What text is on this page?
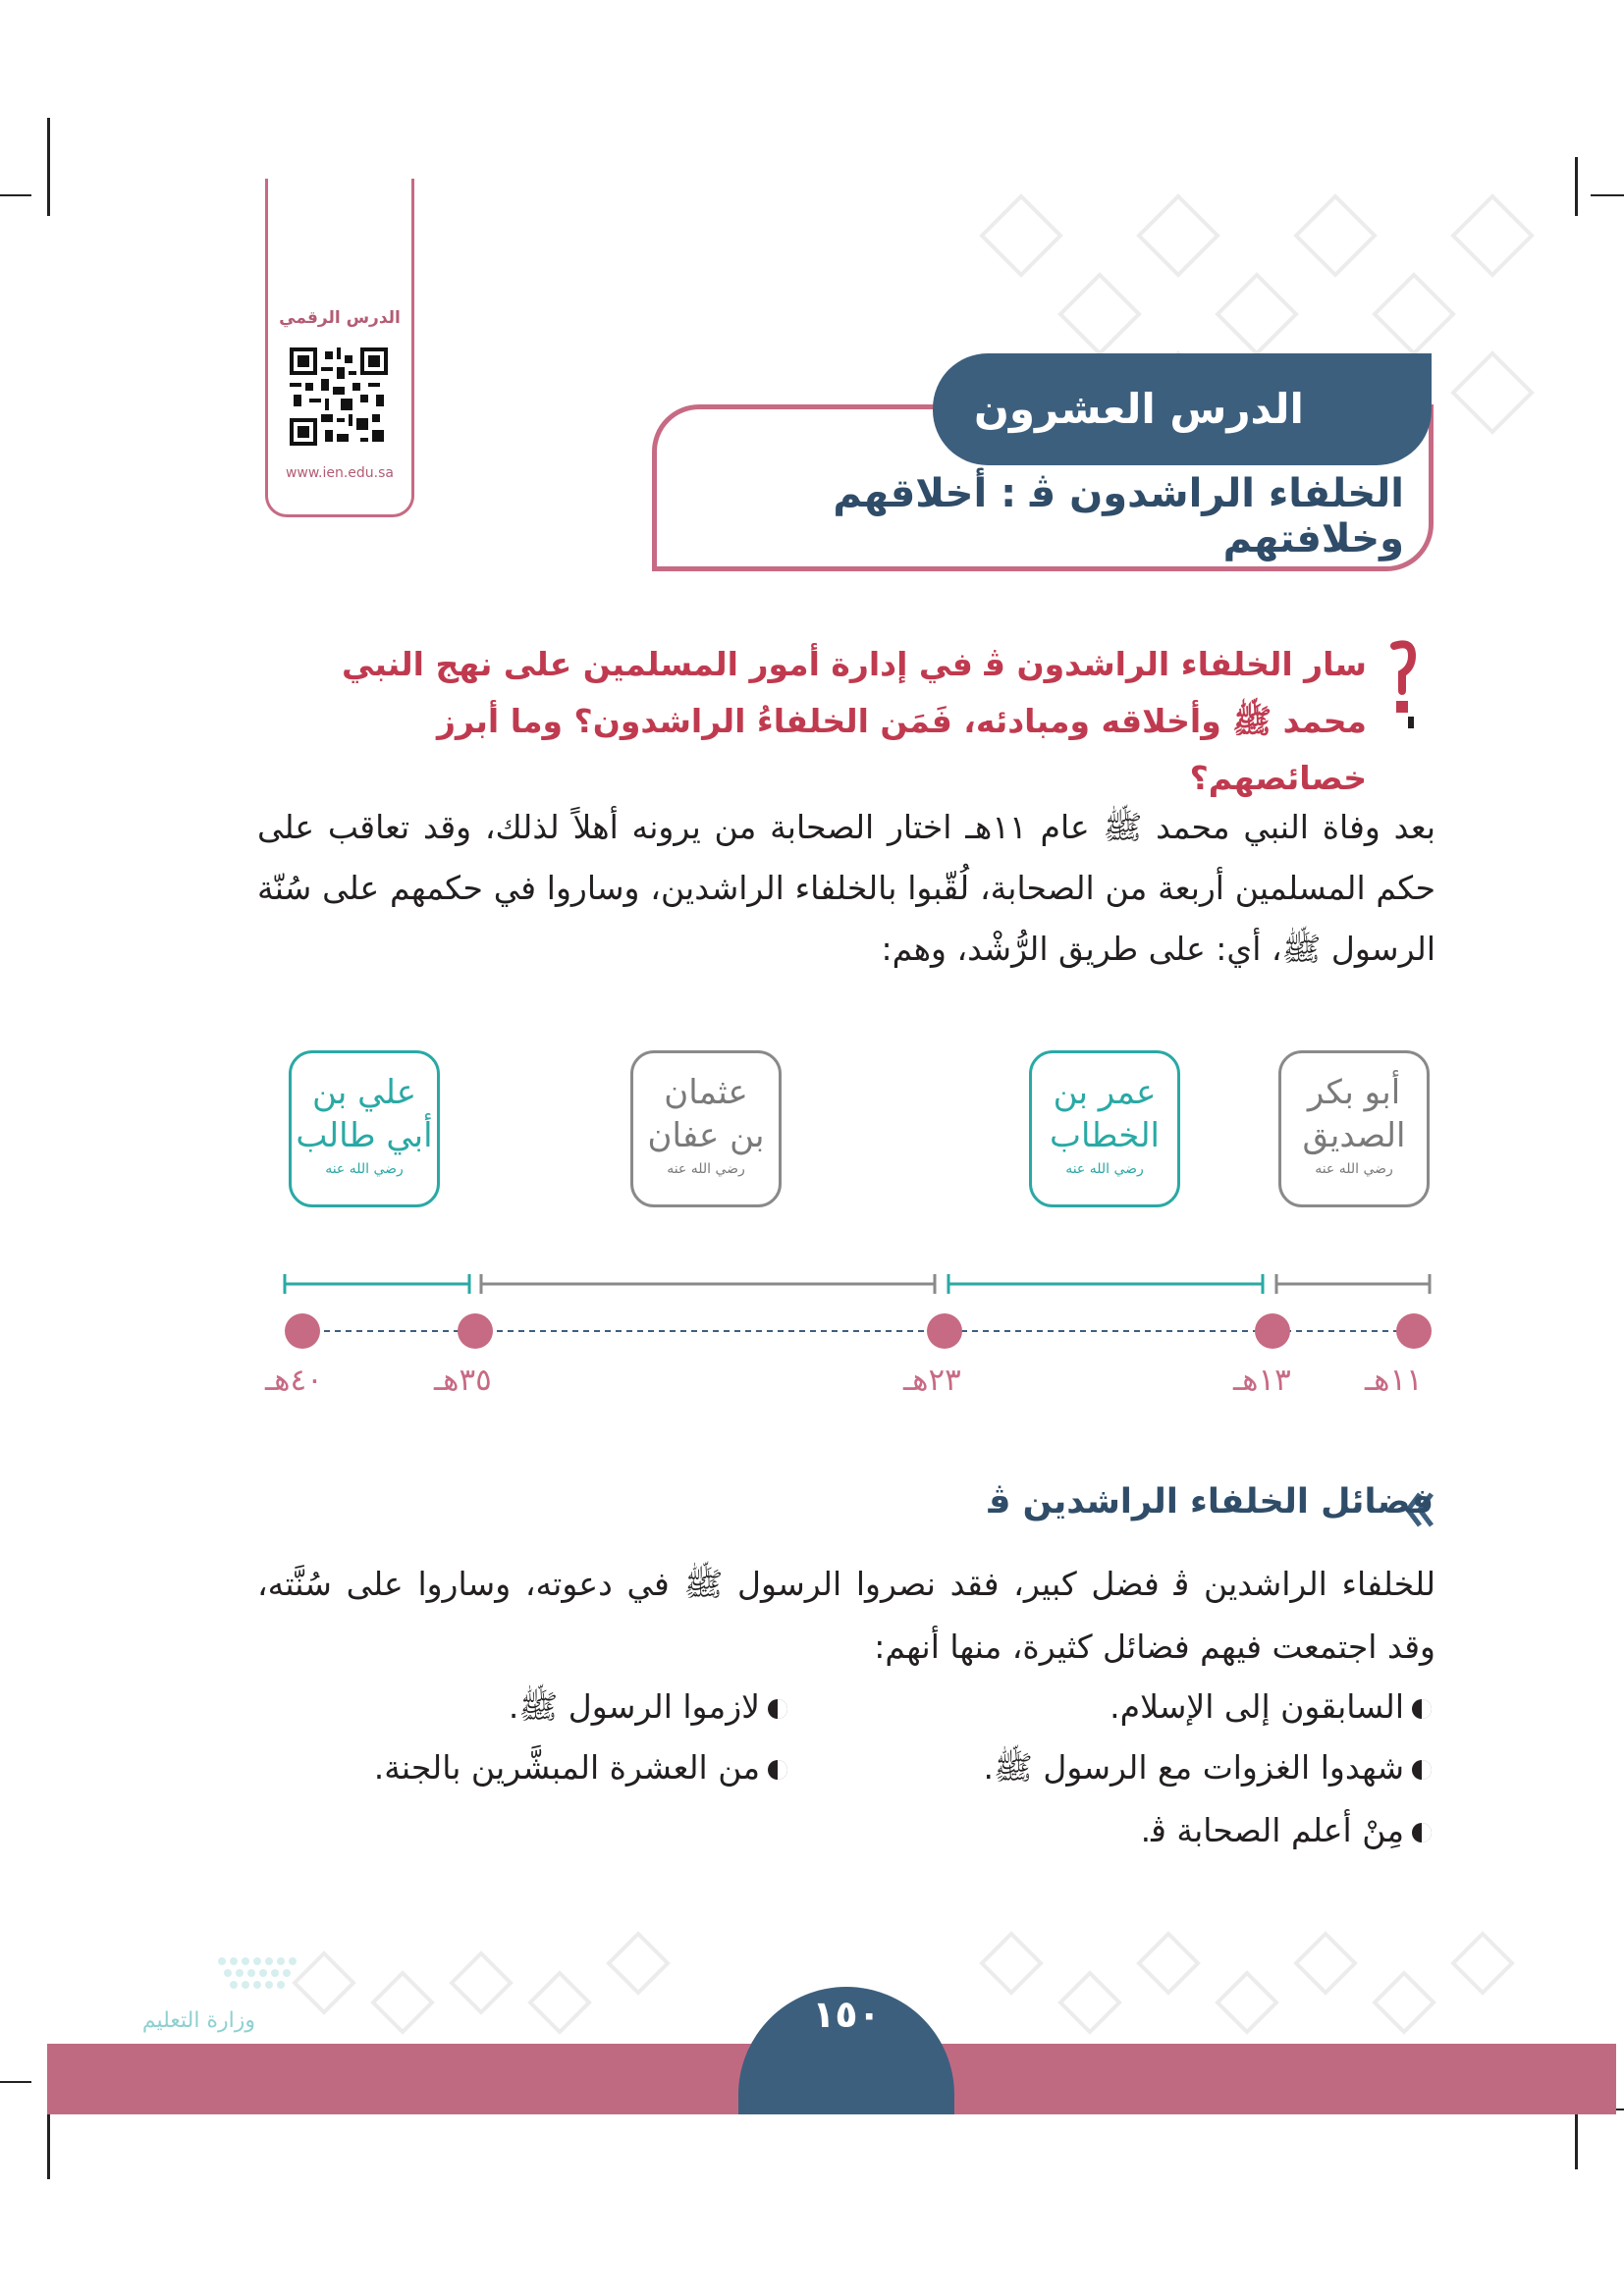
الدرس الرقمي
www.ien.edu.sa
الدرس العشرون
الخلفاء الراشدون ﭬ : أخلاقهم وخلافتهم
سار الخلفاء الراشدون ﭬ في إدارة أمور المسلمين على نهج النبي محمد ﷺ وأخلاقه ومبادئه، فَمَن الخلفاءُ الراشدون؟ وما أبرز خصائصهم؟
بعد وفاة النبي محمد ﷺ عام ١١هـ اختار الصحابة من يرونه أهلاً لذلك، وقد تعاقب على حكم المسلمين أربعة من الصحابة، لُقّبوا بالخلفاء الراشدين، وساروا في حكمهم على سُنّة الرسول ﷺ، أي: على طريق الرُّشْد، وهم:
أبو بكر
الصديق
رضي الله عنه
عمر بن
الخطاب
رضي الله عنه
عثمان
بن عفان
رضي الله عنه
علي بن
أبي طالب
رضي الله عنه
١١هـ
١٣هـ
٢٣هـ
٣٥هـ
٤٠هـ
فضائل الخلفاء الراشدين ﭬ
للخلفاء الراشدين ﭬ فضل كبير، فقد نصروا الرسول ﷺ في دعوته، وساروا على سُنَّته، وقد اجتمعت فيهم فضائل كثيرة، منها أنهم:
السابقون إلى الإسلام.
لازموا الرسول ﷺ.
شهدوا الغزوات مع الرسول ﷺ.
من العشرة المبشَّرين بالجنة.
مِنْ أعلم الصحابة ﭬ.
وزارة التعليم	١٥٠
